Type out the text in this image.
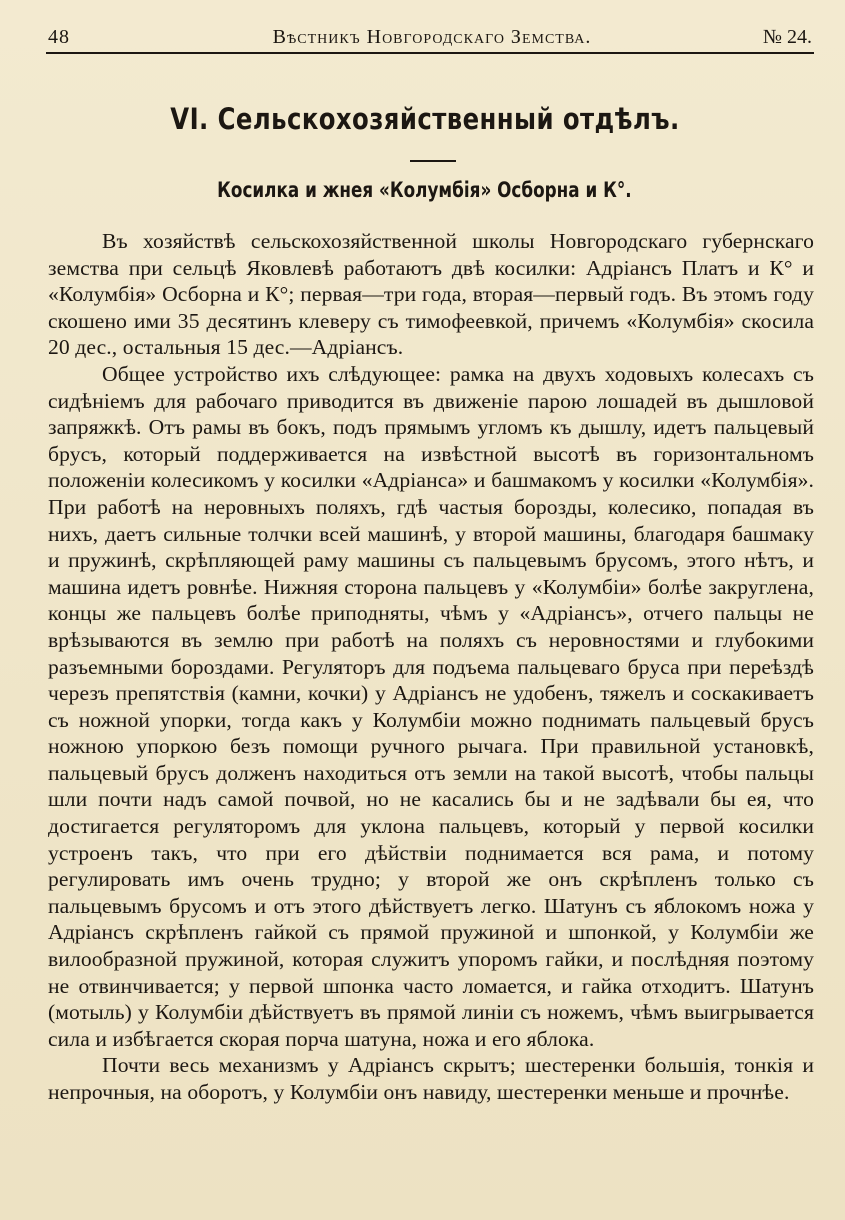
48	Вѣстникъ Новгородскаго Земства.	№ 24.
VI. Сельскохозяйственный отдѣлъ.
Косилка и жнея «Колумбія» Осборна и К°.

Въ хозяйствѣ сельскохозяйственной школы Новгородскаго губернскаго земства при сельцѣ Яковлевѣ работаютъ двѣ косилки: Адріансъ Платъ и К° и «Колумбія» Осборна и К°; первая—три года, вторая—первый годъ. Въ этомъ году скошено ими 35 десятинъ клеверу съ тимофеевкой, причемъ «Колумбія» скосила 20 дес., остальныя 15 дес.—Адріансъ.

Общее устройство ихъ слѣдующее: рамка на двухъ ходовыхъ колесахъ съ сидѣніемъ для рабочаго приводится въ движеніе парою лошадей въ дышловой запряжкѣ. Отъ рамы въ бокъ, подъ прямымъ угломъ къ дышлу, идетъ пальцевый брусъ, который поддерживается на извѣстной высотѣ въ горизонтальномъ положеніи колесикомъ у косилки «Адріанса» и башмакомъ у косилки «Колумбія». При работѣ на неровныхъ поляхъ, гдѣ частыя борозды, колесико, попадая въ нихъ, даетъ сильные толчки всей машинѣ, у второй машины, благодаря башмаку и пружинѣ, скрѣпляющей раму машины съ пальцевымъ брусомъ, этого нѣтъ, и машина идетъ ровнѣе. Нижняя сторона пальцевъ у «Колумбіи» болѣе закруглена, концы же пальцевъ болѣе приподняты, чѣмъ у «Адріансъ», отчего пальцы не врѣзываются въ землю при работѣ на поляхъ съ неровностями и глубокими разъемными бороздами. Регуляторъ для подъема пальцеваго бруса при переѣздѣ черезъ препятствія (камни, кочки) у Адріансъ не удобенъ, тяжелъ и соскакиваетъ съ ножной упорки, тогда какъ у Колумбіи можно поднимать пальцевый брусъ ножною упоркою безъ помощи ручного рычага. При правильной установкѣ, пальцевый брусъ долженъ находиться отъ земли на такой высотѣ, чтобы пальцы шли почти надъ самой почвой, но не касались бы и не задѣвали бы ея, что достигается регуляторомъ для уклона пальцевъ, который у первой косилки устроенъ такъ, что при его дѣйствіи поднимается вся рама, и потому регулировать имъ очень трудно; у второй же онъ скрѣпленъ только съ пальцевымъ брусомъ и отъ этого дѣйствуетъ легко. Шатунъ съ яблокомъ ножа у Адріансъ скрѣпленъ гайкой съ прямой пружиной и шпонкой, у Колумбіи же вилообразной пружиной, которая служитъ упоромъ гайки, и послѣдняя поэтому не отвинчивается; у первой шпонка часто ломается, и гайка отходитъ. Шатунъ (мотыль) у Колумбіи дѣйствуетъ въ прямой линіи съ ножемъ, чѣмъ выигрывается сила и избѣгается скорая порча шатуна, ножа и его яблока.

Почти весь механизмъ у Адріансъ скрытъ; шестеренки большія, тонкія и непрочныя, на оборотъ, у Колумбіи онъ навиду, шестеренки меньше и прочнѣе.
